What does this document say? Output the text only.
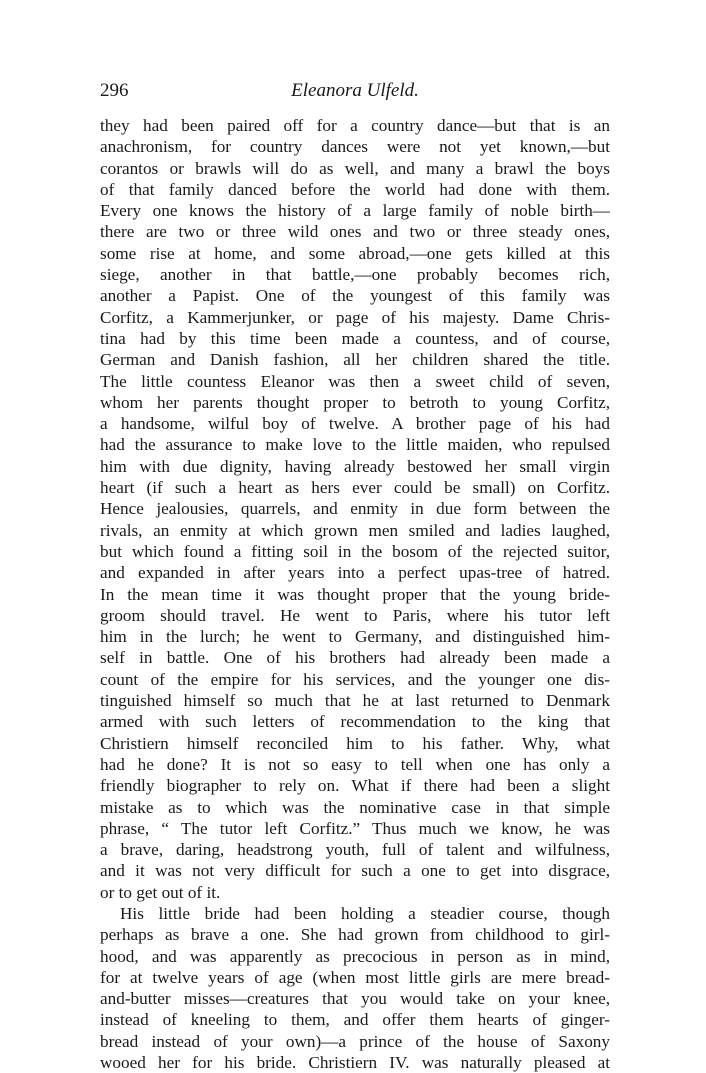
296	Eleanora Ulfeld.
they had been paired off for a country dance—but that is an
anachronism, for country dances were not yet known,—but
corantos or brawls will do as well, and many a brawl the boys
of that family danced before the world had done with them.
Every one knows the history of a large family of noble birth—
there are two or three wild ones and two or three steady ones,
some rise at home, and some abroad,—one gets killed at this
siege, another in that battle,—one probably becomes rich,
another a Papist. One of the youngest of this family was
Corfitz, a Kammerjunker, or page of his majesty. Dame Chris-
tina had by this time been made a countess, and of course,
German and Danish fashion, all her children shared the title.
The little countess Eleanor was then a sweet child of seven,
whom her parents thought proper to betroth to young Corfitz,
a handsome, wilful boy of twelve. A brother page of his had
had the assurance to make love to the little maiden, who repulsed
him with due dignity, having already bestowed her small virgin
heart (if such a heart as hers ever could be small) on Corfitz.
Hence jealousies, quarrels, and enmity in due form between the
rivals, an enmity at which grown men smiled and ladies laughed,
but which found a fitting soil in the bosom of the rejected suitor,
and expanded in after years into a perfect upas-tree of hatred.
In the mean time it was thought proper that the young bride-
groom should travel. He went to Paris, where his tutor left
him in the lurch; he went to Germany, and distinguished him-
self in battle. One of his brothers had already been made a
count of the empire for his services, and the younger one dis-
tinguished himself so much that he at last returned to Denmark
armed with such letters of recommendation to the king that
Christiern himself reconciled him to his father. Why, what
had he done? It is not so easy to tell when one has only a
friendly biographer to rely on. What if there had been a slight
mistake as to which was the nominative case in that simple
phrase, “ The tutor left Corfitz.” Thus much we know, he was
a brave, daring, headstrong youth, full of talent and wilfulness,
and it was not very difficult for such a one to get into disgrace,
or to get out of it.
His little bride had been holding a steadier course, though
perhaps as brave a one. She had grown from childhood to girl-
hood, and was apparently as precocious in person as in mind,
for at twelve years of age (when most little girls are mere bread-
and-butter misses—creatures that you would take on your knee,
instead of kneeling to them, and offer them hearts of ginger-
bread instead of your own)—a prince of the house of Saxony
wooed her for his bride. Christiern IV. was naturally pleased at
